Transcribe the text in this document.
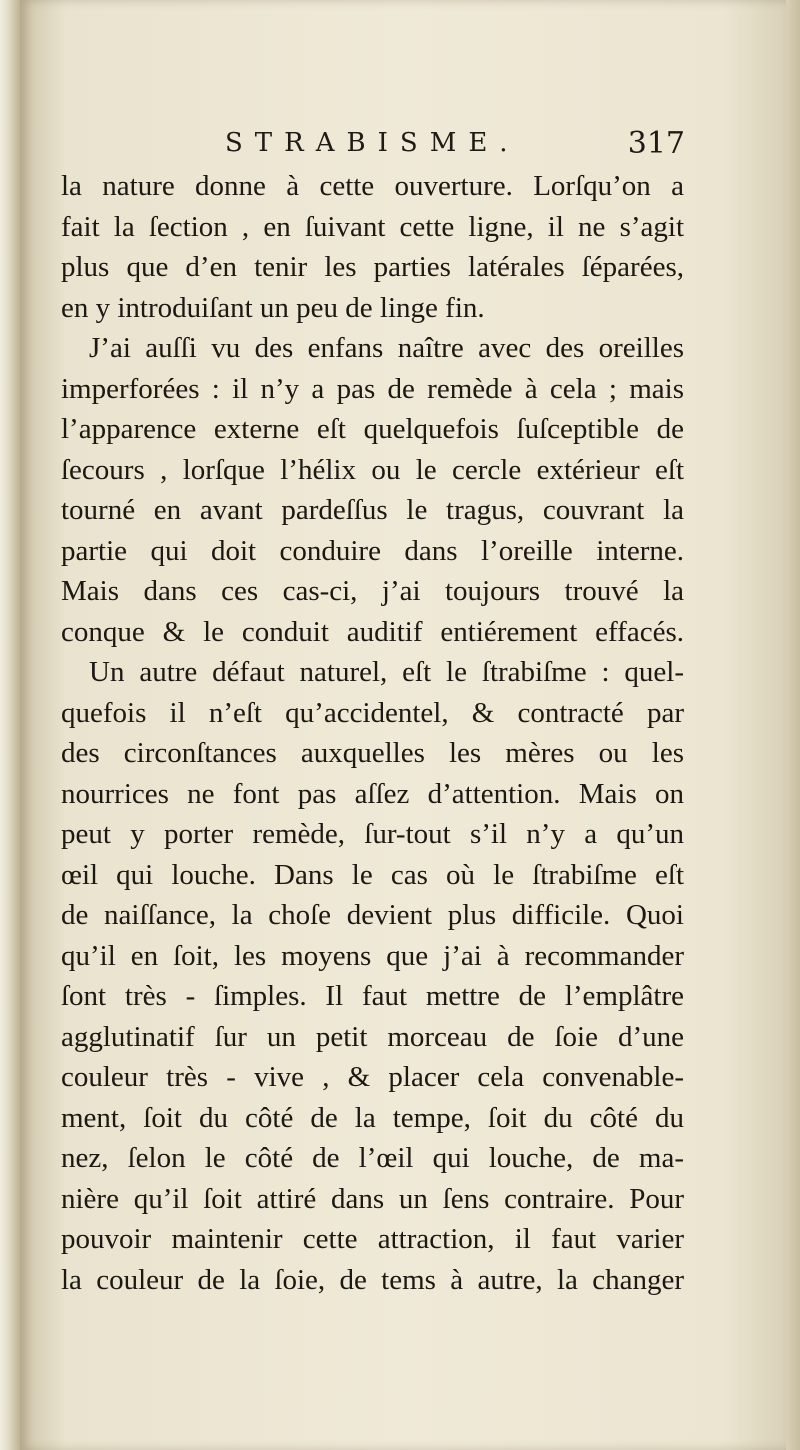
STRABISME.	317
la nature donne à cette ouverture. Lorſqu’on a
fait la ſection , en ſuivant cette ligne, il ne s’agit
plus que d’en tenir les parties latérales ſéparées,
en y introduiſant un peu de linge fin.
J’ai auſſi vu des enfans naître avec des oreilles
imperforées : il n’y a pas de remède à cela ; mais
l’apparence externe eſt quelquefois ſuſceptible de
ſecours , lorſque l’hélix ou le cercle extérieur eſt
tourné en avant pardeſſus le tragus, couvrant la
partie qui doit conduire dans l’oreille interne.
Mais dans ces cas-ci, j’ai toujours trouvé la
conque & le conduit auditif entiérement effacés.
Un autre défaut naturel, eſt le ſtrabiſme : quel-
quefois il n’eſt qu’accidentel, & contracté par
des circonſtances auxquelles les mères ou les
nourrices ne font pas aſſez d’attention. Mais on
peut y porter remède, ſur-tout s’il n’y a qu’un
œil qui louche. Dans le cas où le ſtrabiſme eſt
de naiſſance, la choſe devient plus difficile. Quoi
qu’il en ſoit, les moyens que j’ai à recommander
ſont très - ſimples. Il faut mettre de l’emplâtre
agglutinatif ſur un petit morceau de ſoie d’une
couleur très - vive , & placer cela convenable-
ment, ſoit du côté de la tempe, ſoit du côté du
nez, ſelon le côté de l’œil qui louche, de ma-
nière qu’il ſoit attiré dans un ſens contraire. Pour
pouvoir maintenir cette attraction, il faut varier
la couleur de la ſoie, de tems à autre, la changer
